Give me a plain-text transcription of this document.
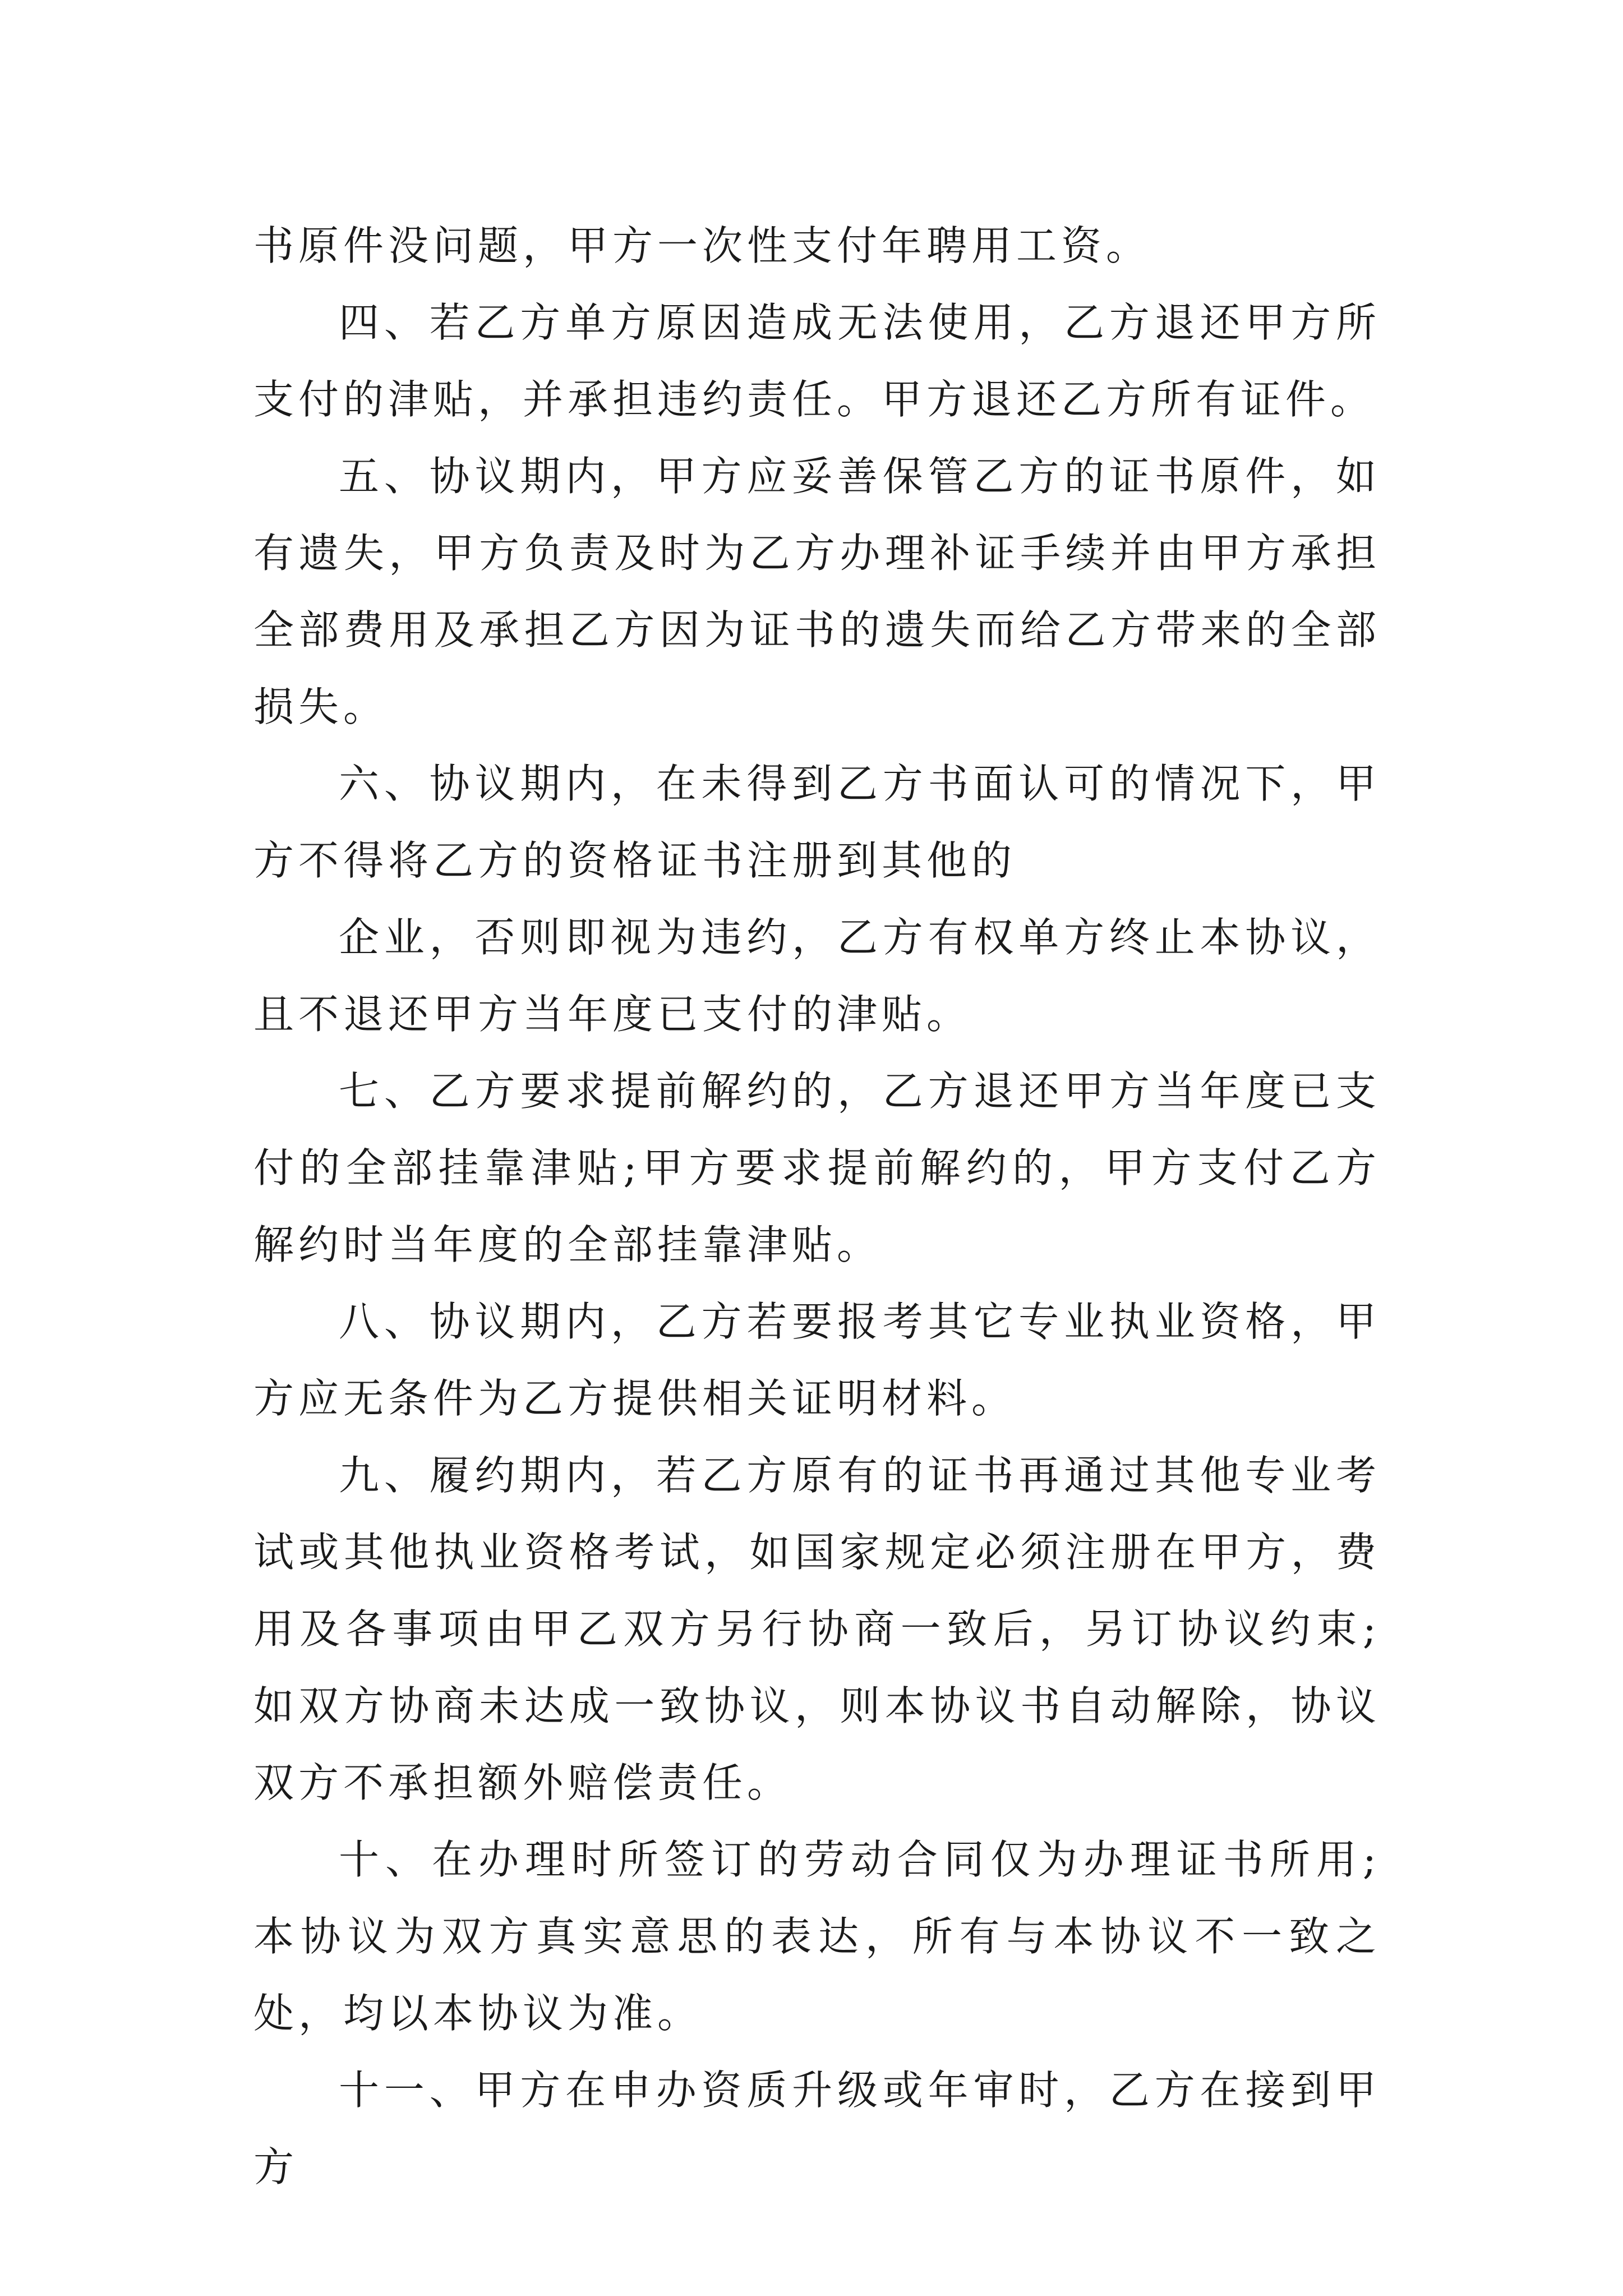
书原件没问题，甲方一次性支付年聘用工资。

四、若乙方单方原因造成无法使用，乙方退还甲方所支付的津贴，并承担违约责任。甲方退还乙方所有证件。

五、协议期内，甲方应妥善保管乙方的证书原件，如有遗失，甲方负责及时为乙方办理补证手续并由甲方承担全部费用及承担乙方因为证书的遗失而给乙方带来的全部损失。

六、协议期内，在未得到乙方书面认可的情况下，甲方不得将乙方的资格证书注册到其他的

企业，否则即视为违约，乙方有权单方终止本协议，且不退还甲方当年度已支付的津贴。

七、乙方要求提前解约的，乙方退还甲方当年度已支付的全部挂靠津贴;甲方要求提前解约的，甲方支付乙方解约时当年度的全部挂靠津贴。

八、协议期内，乙方若要报考其它专业执业资格，甲方应无条件为乙方提供相关证明材料。

九、履约期内，若乙方原有的证书再通过其他专业考试或其他执业资格考试，如国家规定必须注册在甲方，费用及各事项由甲乙双方另行协商一致后，另订协议约束;如双方协商未达成一致协议，则本协议书自动解除，协议双方不承担额外赔偿责任。

十、在办理时所签订的劳动合同仅为办理证书所用;本协议为双方真实意思的表达，所有与本协议不一致之处，均以本协议为准。

十一、甲方在申办资质升级或年审时，乙方在接到甲方
